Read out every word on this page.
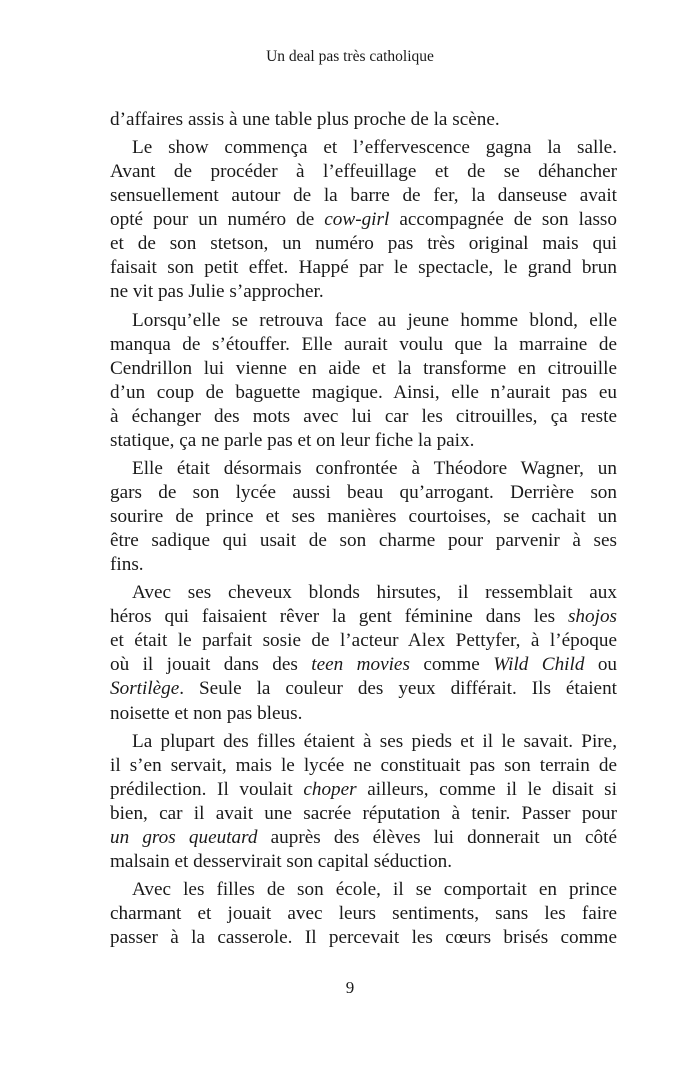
Un deal pas très catholique
d’affaires assis à une table plus proche de la scène.
Le show commença et l’effervescence gagna la salle.
Avant de procéder à l’effeuillage et de se déhancher
sensuellement autour de la barre de fer, la danseuse avait
opté pour un numéro de cow-girl accompagnée de son lasso
et de son stetson, un numéro pas très original mais qui
faisait son petit effet. Happé par le spectacle, le grand brun
ne vit pas Julie s’approcher.
Lorsqu’elle se retrouva face au jeune homme blond, elle
manqua de s’étouffer. Elle aurait voulu que la marraine de
Cendrillon lui vienne en aide et la transforme en citrouille
d’un coup de baguette magique. Ainsi, elle n’aurait pas eu
à échanger des mots avec lui car les citrouilles, ça reste
statique, ça ne parle pas et on leur fiche la paix.
Elle était désormais confrontée à Théodore Wagner, un
gars de son lycée aussi beau qu’arrogant. Derrière son
sourire de prince et ses manières courtoises, se cachait un
être sadique qui usait de son charme pour parvenir à ses
fins.
Avec ses cheveux blonds hirsutes, il ressemblait aux
héros qui faisaient rêver la gent féminine dans les shojos
et était le parfait sosie de l’acteur Alex Pettyfer, à l’époque
où il jouait dans des teen movies comme Wild Child ou
Sortilège. Seule la couleur des yeux différait. Ils étaient
noisette et non pas bleus.
La plupart des filles étaient à ses pieds et il le savait. Pire,
il s’en servait, mais le lycée ne constituait pas son terrain de
prédilection. Il voulait choper ailleurs, comme il le disait si
bien, car il avait une sacrée réputation à tenir. Passer pour
un gros queutard auprès des élèves lui donnerait un côté
malsain et desservirait son capital séduction.
Avec les filles de son école, il se comportait en prince
charmant et jouait avec leurs sentiments, sans les faire
passer à la casserole. Il percevait les cœurs brisés comme
9
